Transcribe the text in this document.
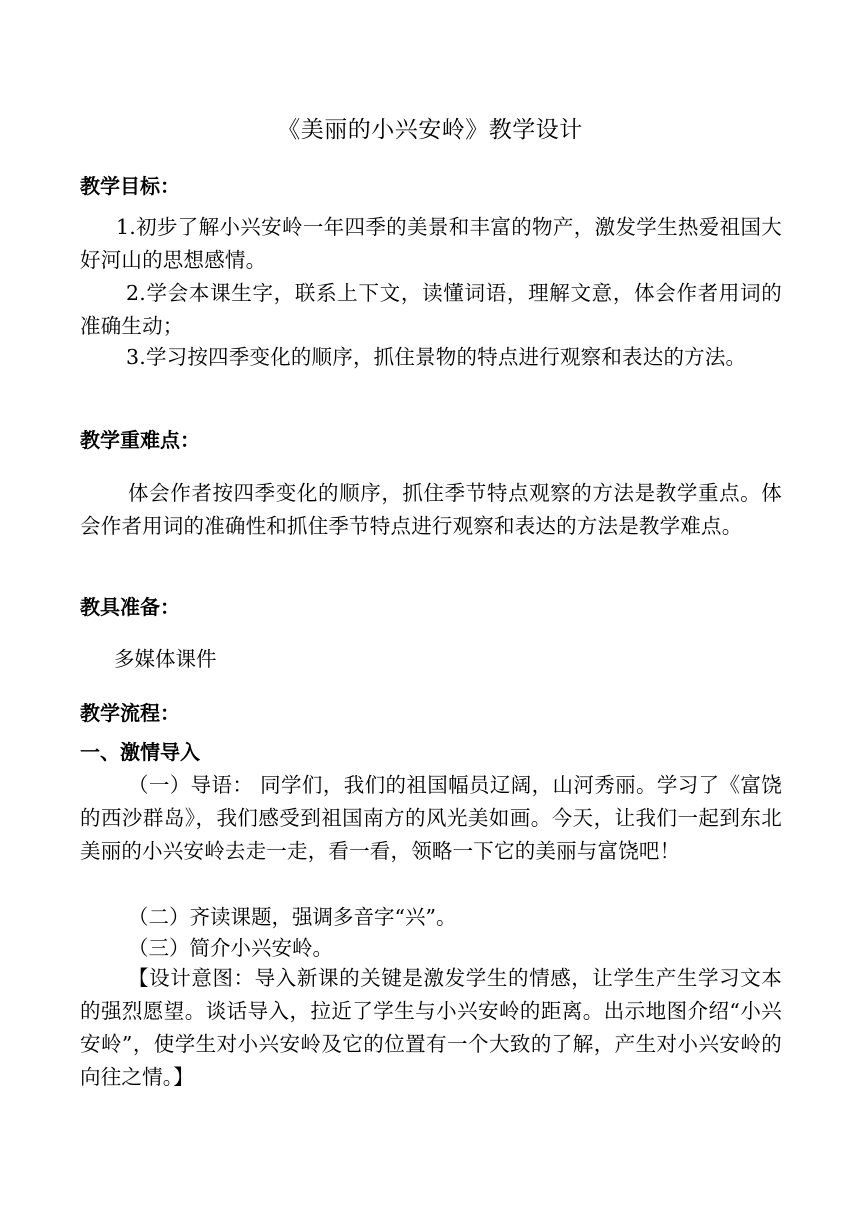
《美丽的小兴安岭》教学设计
教学目标：
1.初步了解小兴安岭一年四季的美景和丰富的物产，激发学生热爱祖国大好河山的思想感情。
2.学会本课生字，联系上下文，读懂词语，理解文意，体会作者用词的准确生动；
3.学习按四季变化的顺序，抓住景物的特点进行观察和表达的方法。
教学重难点：
体会作者按四季变化的顺序，抓住季节特点观察的方法是教学重点。体会作者用词的准确性和抓住季节特点进行观察和表达的方法是教学难点。
教具准备：
多媒体课件
教学流程：
一、激情导入
（一）导语： 同学们，我们的祖国幅员辽阔，山河秀丽。学习了《富饶的西沙群岛》，我们感受到祖国南方的风光美如画。今天，让我们一起到东北美丽的小兴安岭去走一走，看一看，领略一下它的美丽与富饶吧！
（二）齐读课题，强调多音字“兴”。
（三）简介小兴安岭。
【设计意图：导入新课的关键是激发学生的情感，让学生产生学习文本的强烈愿望。谈话导入，拉近了学生与小兴安岭的距离。出示地图介绍“小兴安岭”，使学生对小兴安岭及它的位置有一个大致的了解，产生对小兴安岭的向往之情。】
